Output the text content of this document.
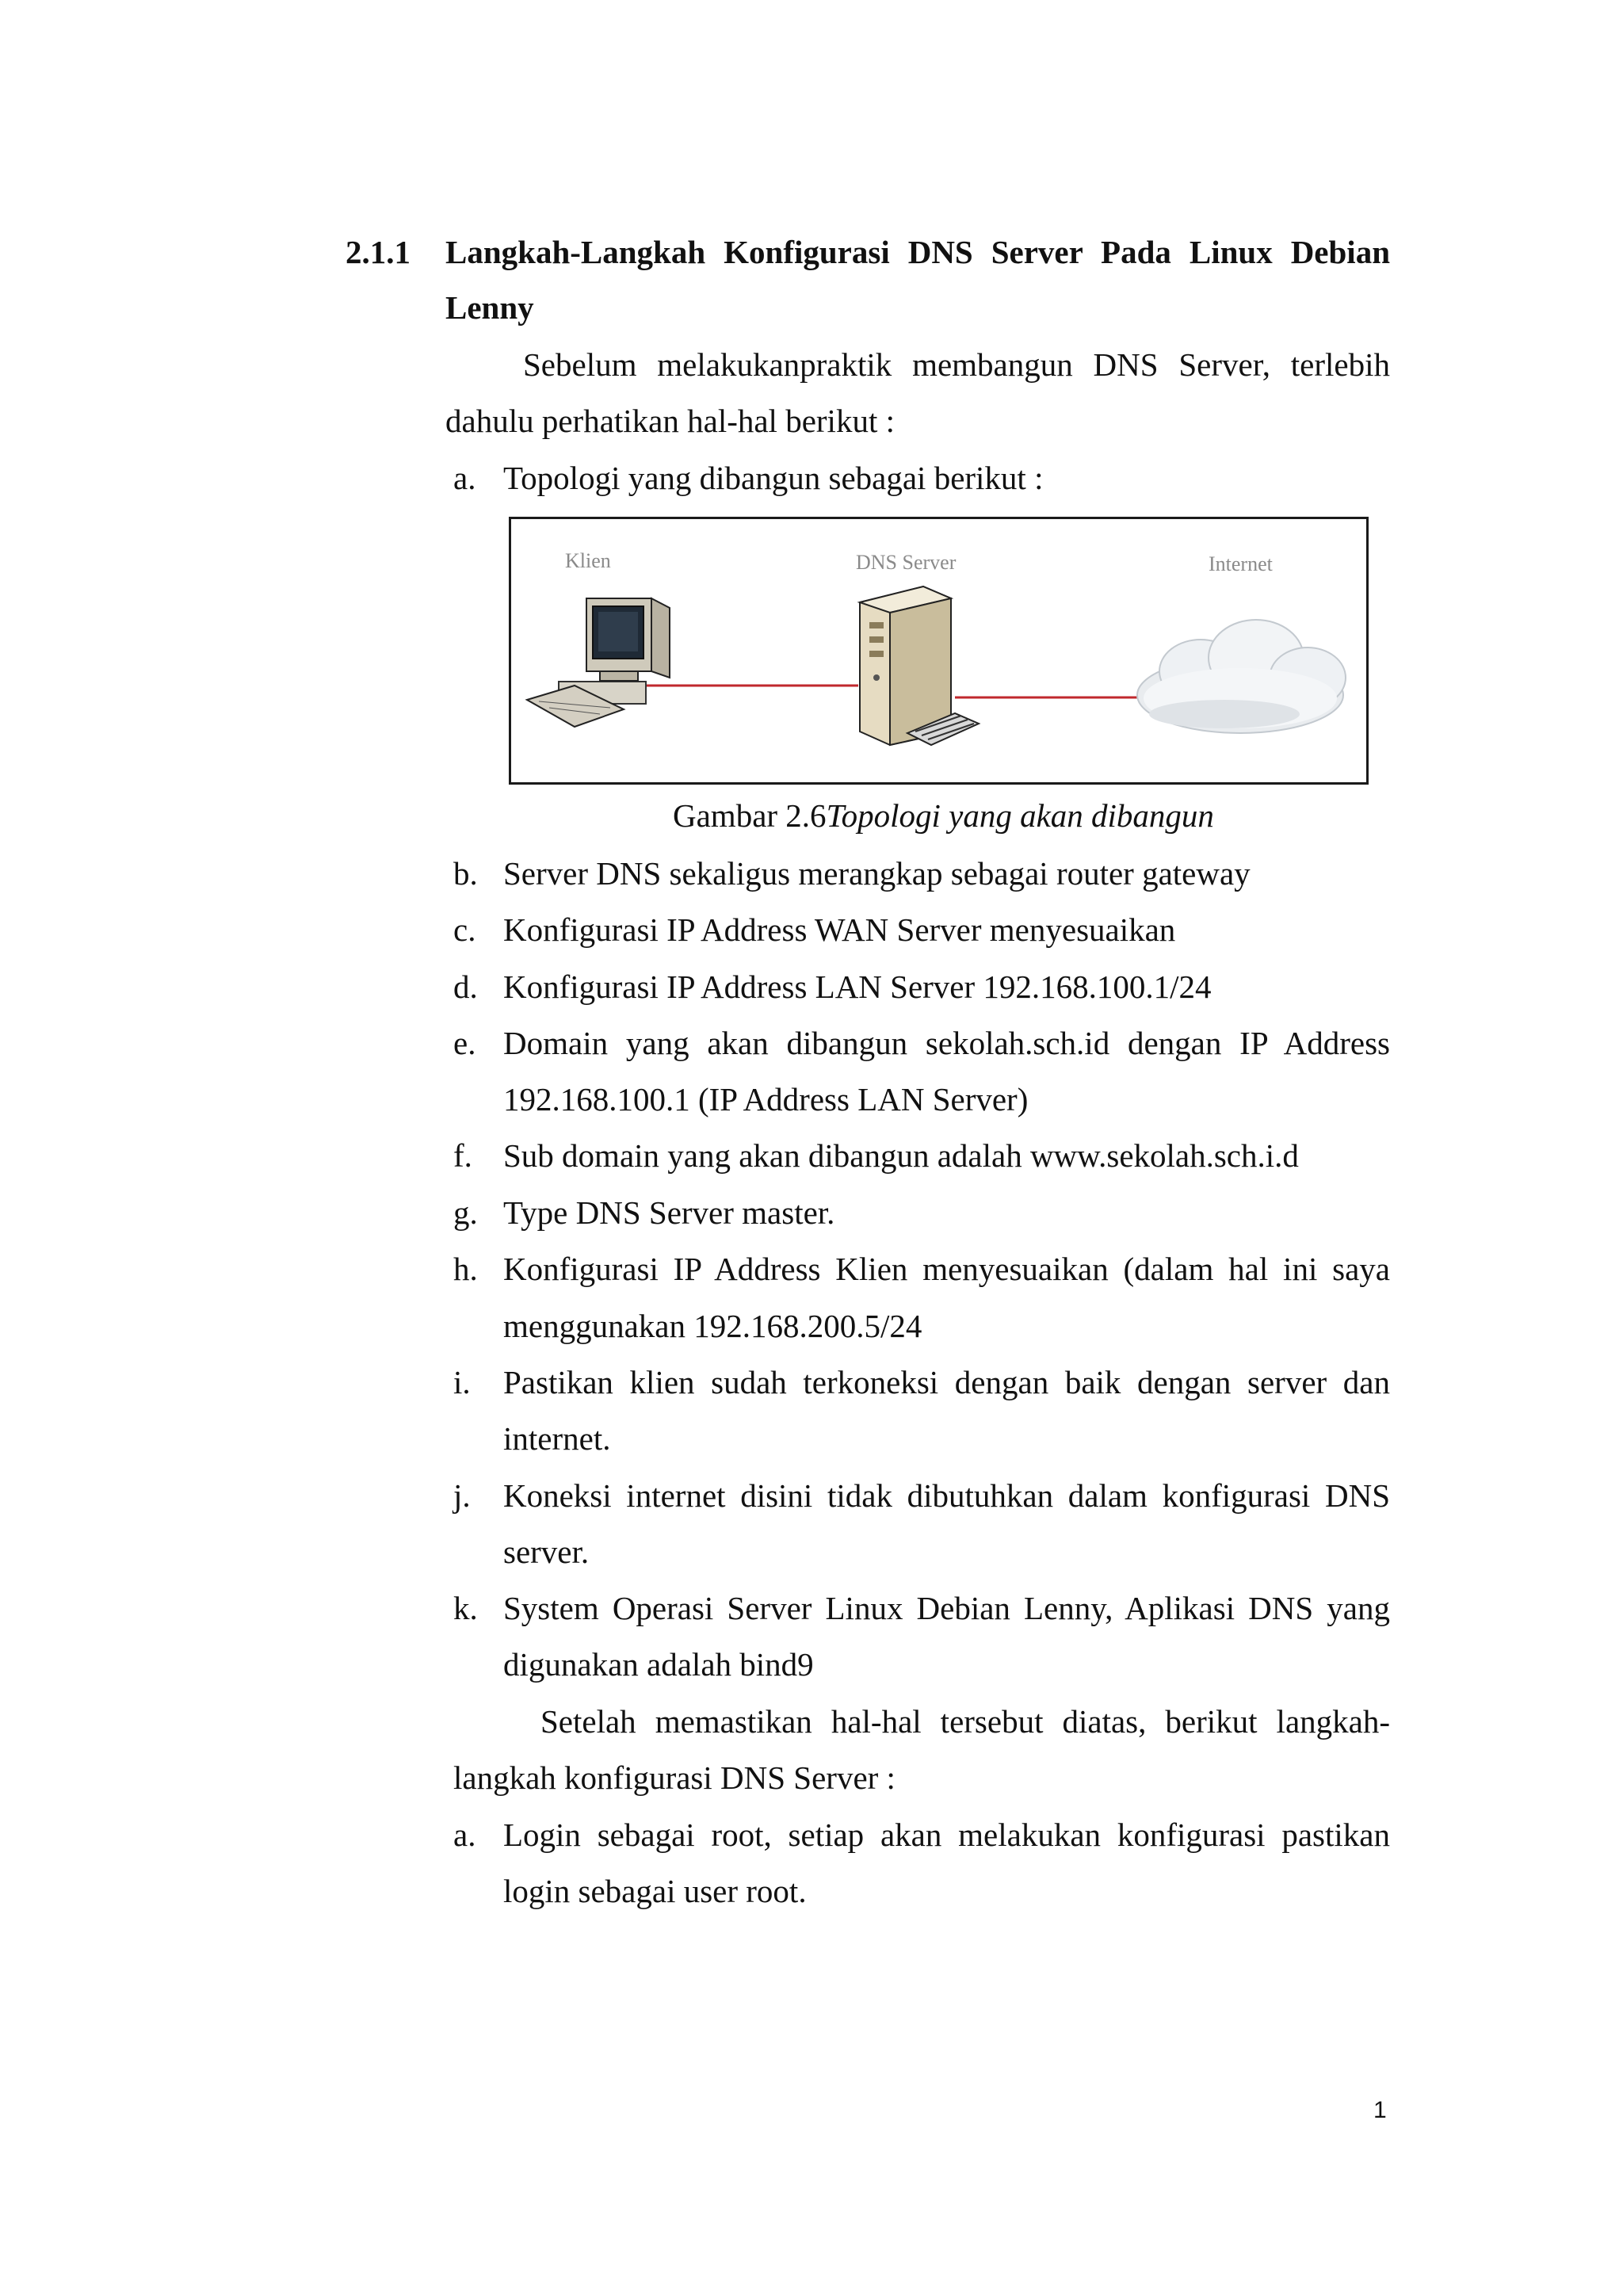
2.1.1 Langkah-Langkah Konfigurasi DNS Server Pada Linux Debian
Lenny
Sebelum melakukanpraktik membangun DNS Server, terlebih
dahulu perhatikan hal-hal berikut :
a. Topologi yang dibangun sebagai berikut :
Klien	DNS Server	Internet
Gambar 2.6Topologi yang akan dibangun
b. Server DNS sekaligus merangkap sebagai router gateway
c. Konfigurasi IP Address WAN Server menyesuaikan
d. Konfigurasi IP Address LAN Server 192.168.100.1/24
e. Domain yang akan dibangun sekolah.sch.id dengan IP Address
192.168.100.1 (IP Address LAN Server)
f. Sub domain yang akan dibangun adalah www.sekolah.sch.i.d
g. Type DNS Server master.
h. Konfigurasi IP Address Klien menyesuaikan (dalam hal ini saya
menggunakan 192.168.200.5/24
i. Pastikan klien sudah terkoneksi dengan baik dengan server dan
internet.
j. Koneksi internet disini tidak dibutuhkan dalam konfigurasi DNS
server.
k. System Operasi Server Linux Debian Lenny, Aplikasi DNS yang
digunakan adalah bind9
Setelah memastikan hal-hal tersebut diatas, berikut langkah-
langkah konfigurasi DNS Server :
a. Login sebagai root, setiap akan melakukan konfigurasi pastikan
login sebagai user root.
1
